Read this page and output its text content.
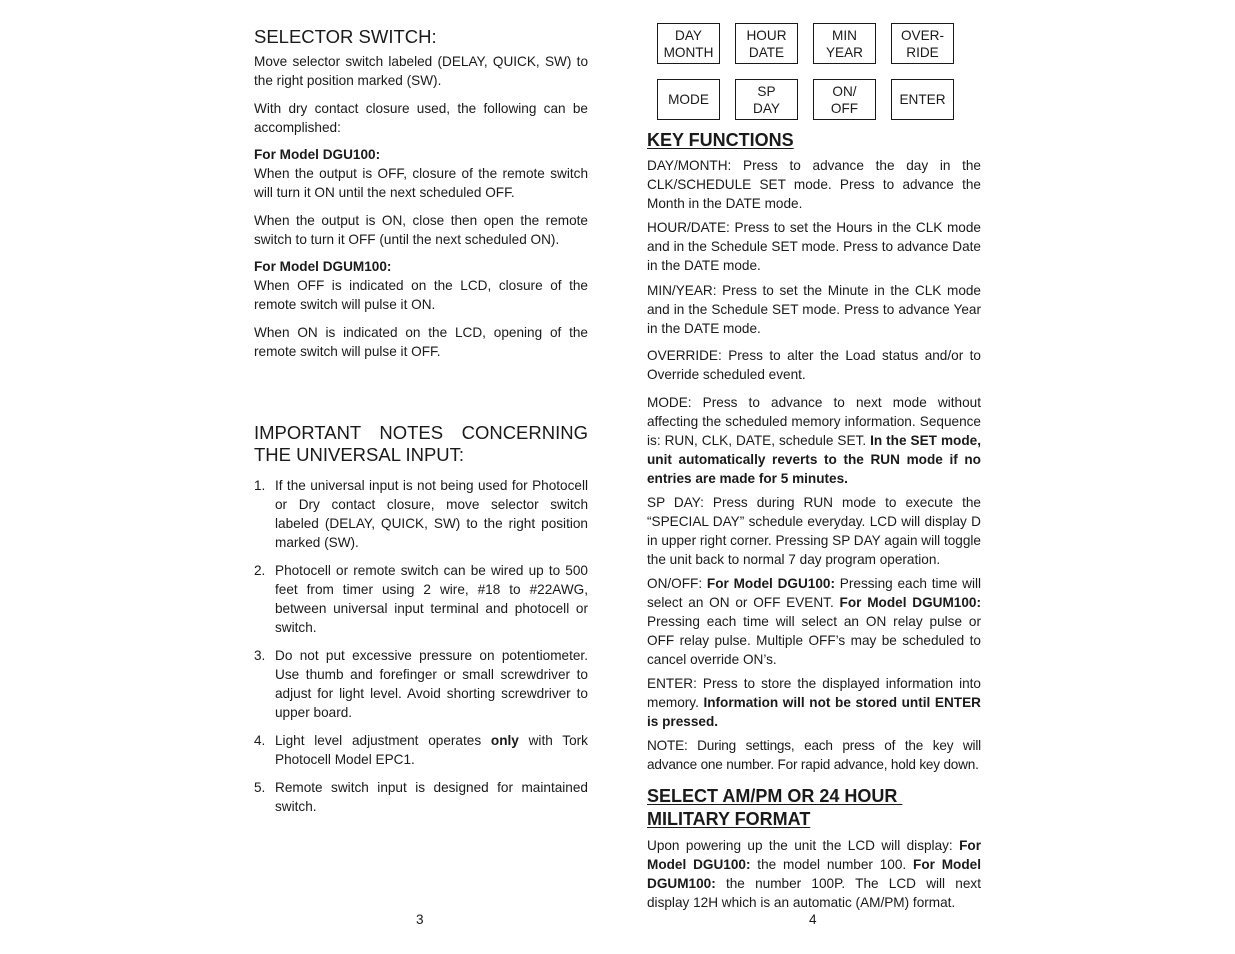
SELECTOR SWITCH:

Move selector switch labeled (DELAY, QUICK, SW) to the right position marked (SW).

With dry contact closure used, the following can be accomplished:

For Model DGU100:

When the output is OFF, closure of the remote switch will turn it ON until the next scheduled OFF.

When the output is ON, close then open the remote switch to turn it OFF (until the next scheduled ON).

For Model DGUM100:

When OFF is indicated on the LCD, closure of the remote switch will pulse it ON.

When ON is indicated on the LCD, opening of the remote switch will pulse it OFF.

IMPORTANT NOTES CONCERNING
THE UNIVERSAL INPUT:
1. If the universal input is not being used for Photocell or Dry contact closure, move selector switch labeled (DELAY, QUICK, SW) to the right position marked (SW).
2. Photocell or remote switch can be wired up to 500 feet from timer using 2 wire, #18 to #22AWG, between universal input terminal and photocell or switch.
3. Do not put excessive pressure on potentiometer. Use thumb and forefinger or small screwdriver to adjust for light level. Avoid shorting screwdriver to upper board.
4. Light level adjustment operates only with Tork Photocell Model EPC1.
5. Remote switch input is designed for maintained switch.
3
DAY
MONTH
HOUR
DATE
MIN
YEAR
OVER-
RIDE
MODE
SP
DAY
ON/
OFF
ENTER
KEY FUNCTIONS

DAY/MONTH: Press to advance the day in the CLK/SCHEDULE SET mode. Press to advance the Month in the DATE mode.

HOUR/DATE: Press to set the Hours in the CLK mode and in the Schedule SET mode. Press to advance Date in the DATE mode.

MIN/YEAR: Press to set the Minute in the CLK mode and in the Schedule SET mode. Press to advance Year in the DATE mode.

OVERRIDE: Press to alter the Load status and/or to Override scheduled event.

MODE: Press to advance to next mode without affecting the scheduled memory information. Sequence is: RUN, CLK, DATE, schedule SET. In the SET mode, unit automatically reverts to the RUN mode if no entries are made for 5 minutes.

SP DAY: Press during RUN mode to execute the “SPECIAL DAY” schedule everyday. LCD will display D in upper right corner. Pressing SP DAY again will toggle the unit back to normal 7 day program operation.

ON/OFF: For Model DGU100: Pressing each time will select an ON or OFF EVENT. For Model DGUM100: Pressing each time will select an ON relay pulse or OFF relay pulse. Multiple OFF’s may be scheduled to cancel override ON’s.

ENTER: Press to store the displayed information into memory. Information will not be stored until ENTER is pressed.

NOTE: During settings, each press of the key will advance one number. For rapid advance, hold key down.

SELECT AM/PM OR 24 HOUR
MILITARY FORMAT

Upon powering up the unit the LCD will display: For Model DGU100: the model number 100. For Model DGUM100: the number 100P. The LCD will next display 12H which is an automatic (AM/PM) format.

4
